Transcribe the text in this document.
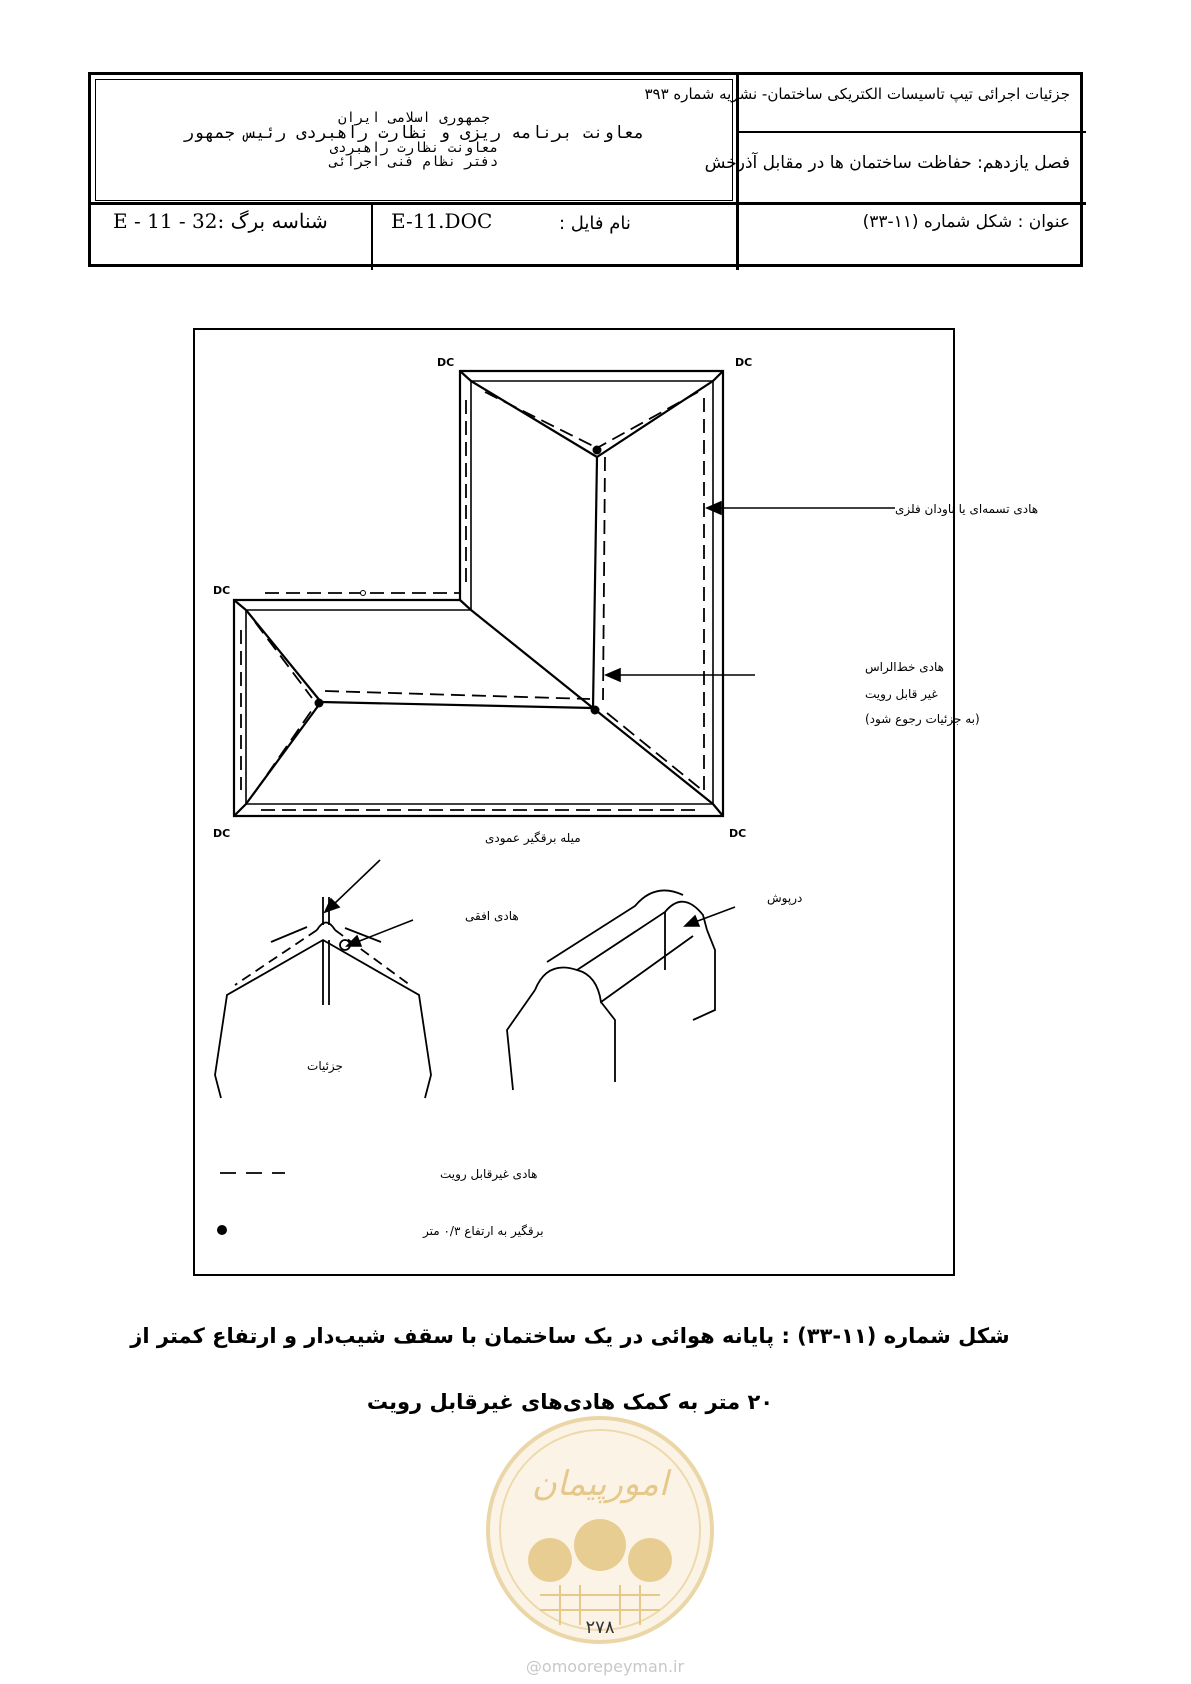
جمهوری اسلامی ایران
معاونت برنامه ریزی و نظارت راهبردی رئیس جمهور
معاونت نظارت راهبردی
دفتر نظام فنی اجرائی
جزئیات اجرائی تیپ تاسیسات الکتریکی ساختمان- نشریه شماره ۳۹۳
فصل یازدهم: حفاظت ساختمان ها در مقابل آذرخش
عنوان : شکل شماره (۱۱-۳۳)
نام فایل :
E-11.DOC
شناسه برگ :32 - 11 - E
DC	DC
DC
DC	DC
هادی تسمه‌ای یا ناودان فلزی
هادی خط‌الراس
غیر قابل رویت
(به جزئیات رجوع شود)
میله برقگیر عمودی
هادی افقی
جزئیات
درپوش
هادی غیرقابل رویت
برقگیر به ارتفاع ۰/۳ متر
شکل شماره (۱۱-۳۳) : پایانه هوائی در یک ساختمان با سقف شیب‌دار و ارتفاع کمتر از
۲۰ متر به کمک هادی‌های غیرقابل رویت
امورپیمان
۲۷۸
@omoorepeyman.ir
